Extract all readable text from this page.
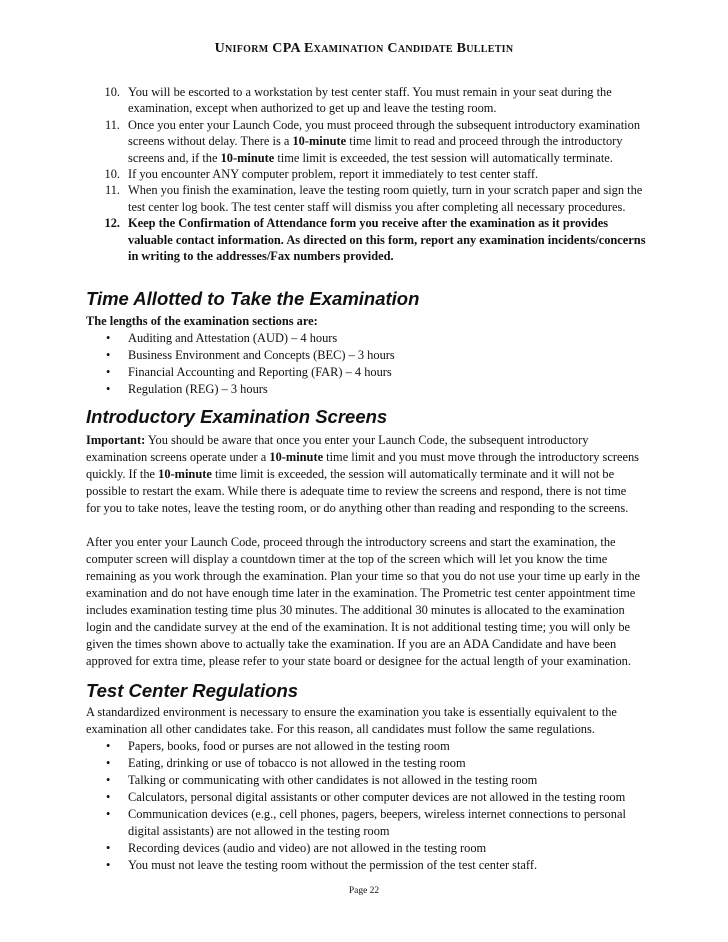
Uniform CPA Examination Candidate Bulletin
10. You will be escorted to a workstation by test center staff. You must remain in your seat during the examination, except when authorized to get up and leave the testing room.
11. Once you enter your Launch Code, you must proceed through the subsequent introductory examination screens without delay. There is a 10-minute time limit to read and proceed through the introductory screens and, if the 10-minute time limit is exceeded, the test session will automatically terminate.
10. If you encounter ANY computer problem, report it immediately to test center staff.
11. When you finish the examination, leave the testing room quietly, turn in your scratch paper and sign the test center log book. The test center staff will dismiss you after completing all necessary procedures.
12. Keep the Confirmation of Attendance form you receive after the examination as it provides valuable contact information. As directed on this form, report any examination incidents/concerns in writing to the addresses/Fax numbers provided.
Time Allotted to Take the Examination
The lengths of the examination sections are:
• Auditing and Attestation (AUD) – 4 hours
• Business Environment and Concepts (BEC) – 3 hours
• Financial Accounting and Reporting (FAR) – 4 hours
• Regulation (REG) – 3 hours
Introductory Examination Screens

Important: You should be aware that once you enter your Launch Code, the subsequent introductory examination screens operate under a 10-minute time limit and you must move through the introductory screens quickly. If the 10-minute time limit is exceeded, the session will automatically terminate and it will not be possible to restart the exam. While there is adequate time to review the screens and respond, there is not time for you to take notes, leave the testing room, or do anything other than reading and responding to the screens.

After you enter your Launch Code, proceed through the introductory screens and start the examination, the computer screen will display a countdown timer at the top of the screen which will let you know the time remaining as you work through the examination. Plan your time so that you do not use your time up early in the examination and do not have enough time later in the examination. The Prometric test center appointment time includes examination testing time plus 30 minutes. The additional 30 minutes is allocated to the examination login and the candidate survey at the end of the examination. It is not additional testing time; you will only be given the times shown above to actually take the examination. If you are an ADA Candidate and have been approved for extra time, please refer to your state board or designee for the actual length of your examination.

Test Center Regulations

A standardized environment is necessary to ensure the examination you take is essentially equivalent to the examination all other candidates take. For this reason, all candidates must follow the same regulations.

• Papers, books, food or purses are not allowed in the testing room
• Eating, drinking or use of tobacco is not allowed in the testing room
• Talking or communicating with other candidates is not allowed in the testing room
• Calculators, personal digital assistants or other computer devices are not allowed in the testing room
• Communication devices (e.g., cell phones, pagers, beepers, wireless internet connections to personal digital assistants) are not allowed in the testing room
• Recording devices (audio and video) are not allowed in the testing room
• You must not leave the testing room without the permission of the test center staff.
Page 22
